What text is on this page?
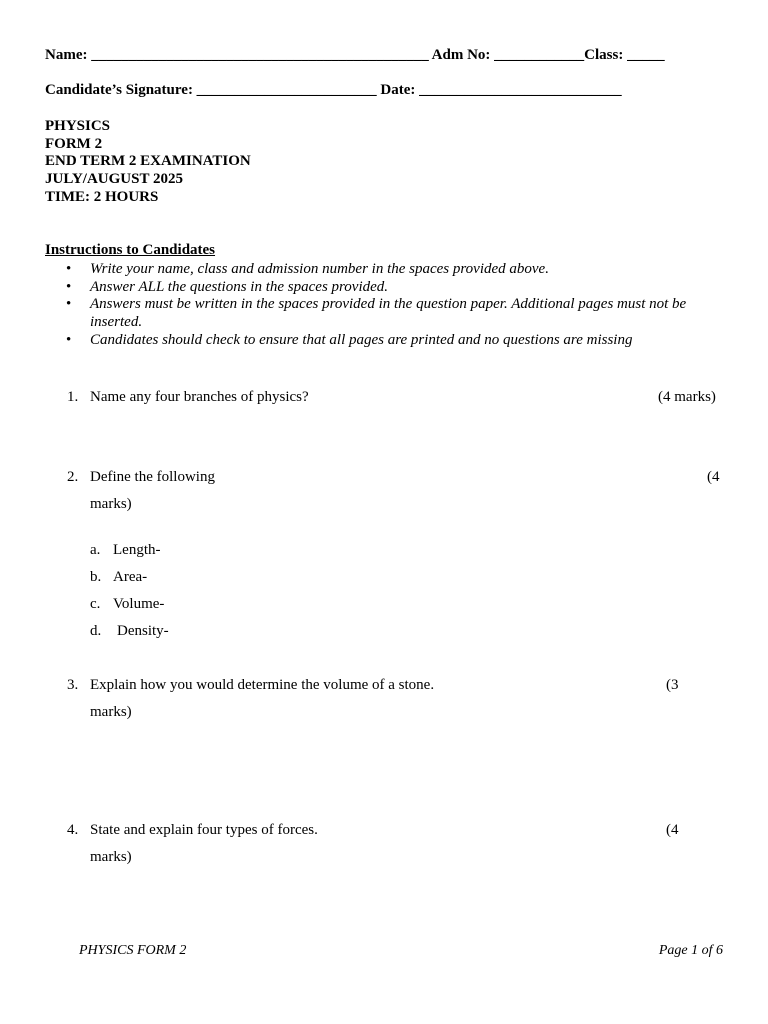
Name: _____________________________________________ Adm No: ____________Class: _____
Candidate’s Signature: ________________________ Date: ___________________________
PHYSICS
FORM 2
END TERM 2 EXAMINATION
JULY/AUGUST 2025
TIME: 2 HOURS
Instructions to Candidates
•	Write your name, class and admission number in the spaces provided above.
•	Answer ALL the questions in the spaces provided.
•	Answers must be written in the spaces provided in the question paper. Additional pages must not be
inserted.
•	Candidates should check to ensure that all pages are printed and no questions are missing
1. Name any four branches of physics?	(4 marks)
2. Define the following	(4
marks)
a. Length-
b. Area-
c. Volume-
d. Density-
3. Explain how you would determine the volume of a stone.	(3
marks)
4. State and explain four types of forces.	(4
marks)
PHYSICS FORM 2	Page 1 of 6
